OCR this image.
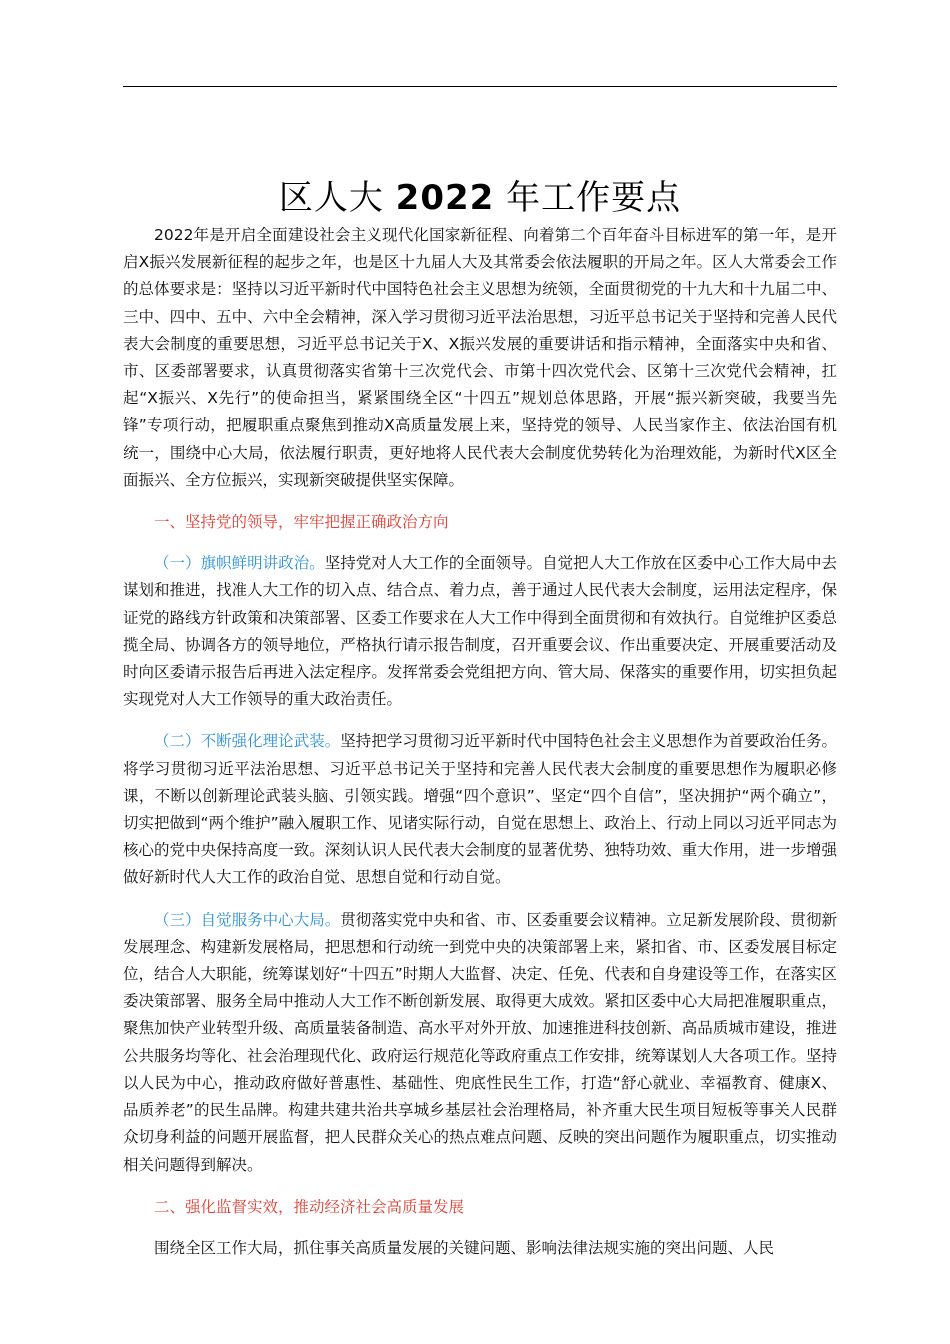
区人大 2022 年工作要点

2022年是开启全面建设社会主义现代化国家新征程、向着第二个百年奋斗目标进军的第一年，是开启X振兴发展新征程的起步之年，也是区十九届人大及其常委会依法履职的开局之年。区人大常委会工作的总体要求是：坚持以习近平新时代中国特色社会主义思想为统领，全面贯彻党的十九大和十九届二中、三中、四中、五中、六中全会精神，深入学习贯彻习近平法治思想，习近平总书记关于坚持和完善人民代表大会制度的重要思想，习近平总书记关于X、X振兴发展的重要讲话和指示精神，全面落实中央和省、市、区委部署要求，认真贯彻落实省第十三次党代会、市第十四次党代会、区第十三次党代会精神，扛起“X振兴、X先行”的使命担当，紧紧围绕全区“十四五”规划总体思路，开展“振兴新突破，我要当先锋”专项行动，把履职重点聚焦到推动X高质量发展上来，坚持党的领导、人民当家作主、依法治国有机统一，围绕中心大局，依法履行职责，更好地将人民代表大会制度优势转化为治理效能，为新时代X区全面振兴、全方位振兴，实现新突破提供坚实保障。

一、坚持党的领导，牢牢把握正确政治方向

（一）旗帜鲜明讲政治。坚持党对人大工作的全面领导。自觉把人大工作放在区委中心工作大局中去谋划和推进，找准人大工作的切入点、结合点、着力点，善于通过人民代表大会制度，运用法定程序，保证党的路线方针政策和决策部署、区委工作要求在人大工作中得到全面贯彻和有效执行。自觉维护区委总揽全局、协调各方的领导地位，严格执行请示报告制度，召开重要会议、作出重要决定、开展重要活动及时向区委请示报告后再进入法定程序。发挥常委会党组把方向、管大局、保落实的重要作用，切实担负起实现党对人大工作领导的重大政治责任。

（二）不断强化理论武装。坚持把学习贯彻习近平新时代中国特色社会主义思想作为首要政治任务。将学习贯彻习近平法治思想、习近平总书记关于坚持和完善人民代表大会制度的重要思想作为履职必修课，不断以创新理论武装头脑、引领实践。增强“四个意识”、坚定“四个自信”，坚决拥护“两个确立”，切实把做到“两个维护”融入履职工作、见诸实际行动，自觉在思想上、政治上、行动上同以习近平同志为核心的党中央保持高度一致。深刻认识人民代表大会制度的显著优势、独特功效、重大作用，进一步增强做好新时代人大工作的政治自觉、思想自觉和行动自觉。

（三）自觉服务中心大局。贯彻落实党中央和省、市、区委重要会议精神。立足新发展阶段、贯彻新发展理念、构建新发展格局，把思想和行动统一到党中央的决策部署上来，紧扣省、市、区委发展目标定位，结合人大职能，统筹谋划好“十四五”时期人大监督、决定、任免、代表和自身建设等工作，在落实区委决策部署、服务全局中推动人大工作不断创新发展、取得更大成效。紧扣区委中心大局把准履职重点，聚焦加快产业转型升级、高质量装备制造、高水平对外开放、加速推进科技创新、高品质城市建设，推进公共服务均等化、社会治理现代化、政府运行规范化等政府重点工作安排，统筹谋划人大各项工作。坚持以人民为中心，推动政府做好普惠性、基础性、兜底性民生工作，打造“舒心就业、幸福教育、健康X、品质养老”的民生品牌。构建共建共治共享城乡基层社会治理格局，补齐重大民生项目短板等事关人民群众切身利益的问题开展监督，把人民群众关心的热点难点问题、反映的突出问题作为履职重点，切实推动相关问题得到解决。

二、强化监督实效，推动经济社会高质量发展

围绕全区工作大局，抓住事关高质量发展的关键问题、影响法律法规实施的突出问题、人民
